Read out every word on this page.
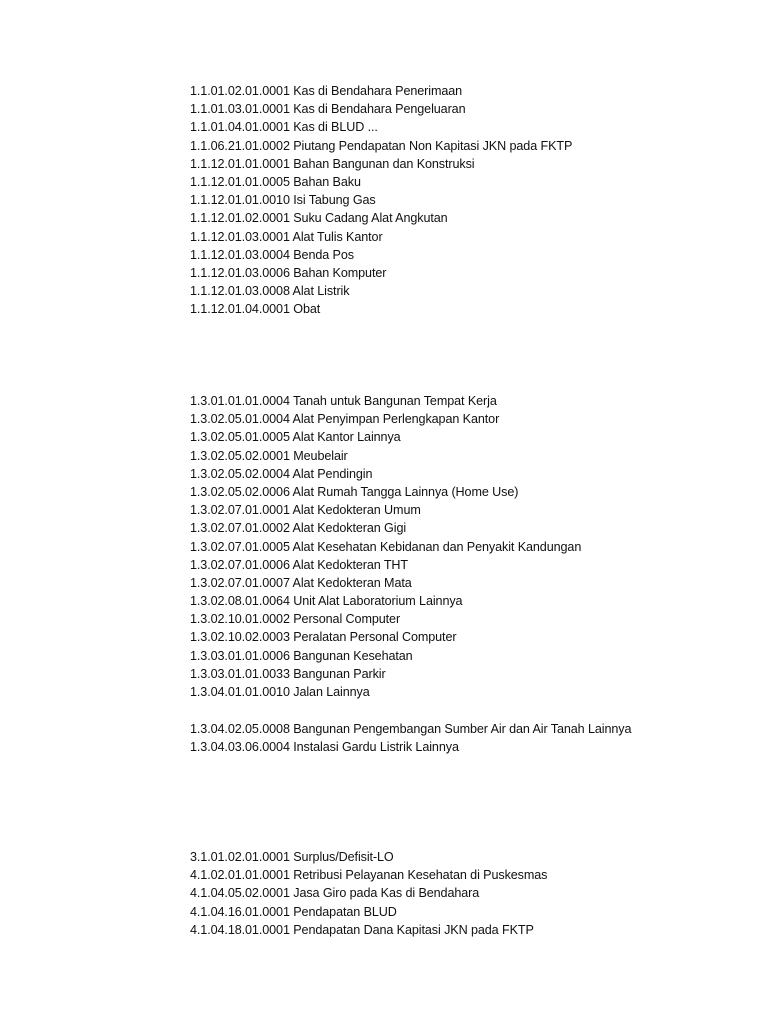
1.1.01.02.01.0001 Kas di Bendahara Penerimaan
1.1.01.03.01.0001 Kas di Bendahara Pengeluaran
1.1.01.04.01.0001 Kas di BLUD ...
1.1.06.21.01.0002 Piutang Pendapatan Non Kapitasi JKN pada FKTP
1.1.12.01.01.0001 Bahan Bangunan dan Konstruksi
1.1.12.01.01.0005 Bahan Baku
1.1.12.01.01.0010 Isi Tabung Gas
1.1.12.01.02.0001 Suku Cadang Alat Angkutan
1.1.12.01.03.0001 Alat Tulis Kantor
1.1.12.01.03.0004 Benda Pos
1.1.12.01.03.0006 Bahan Komputer
1.1.12.01.03.0008 Alat Listrik
1.1.12.01.04.0001 Obat
1.3.01.01.01.0004 Tanah untuk Bangunan Tempat Kerja
1.3.02.05.01.0004 Alat Penyimpan Perlengkapan Kantor
1.3.02.05.01.0005 Alat Kantor Lainnya
1.3.02.05.02.0001 Meubelair
1.3.02.05.02.0004 Alat Pendingin
1.3.02.05.02.0006 Alat Rumah Tangga Lainnya (Home Use)
1.3.02.07.01.0001 Alat Kedokteran Umum
1.3.02.07.01.0002 Alat Kedokteran Gigi
1.3.02.07.01.0005 Alat Kesehatan Kebidanan dan Penyakit Kandungan
1.3.02.07.01.0006 Alat Kedokteran THT
1.3.02.07.01.0007 Alat Kedokteran Mata
1.3.02.08.01.0064 Unit Alat Laboratorium Lainnya
1.3.02.10.01.0002 Personal Computer
1.3.02.10.02.0003 Peralatan Personal Computer
1.3.03.01.01.0006 Bangunan Kesehatan
1.3.03.01.01.0033 Bangunan Parkir
1.3.04.01.01.0010 Jalan Lainnya
1.3.04.02.05.0008 Bangunan Pengembangan Sumber Air dan Air Tanah Lainnya
1.3.04.03.06.0004 Instalasi Gardu Listrik Lainnya
3.1.01.02.01.0001 Surplus/Defisit-LO
4.1.02.01.01.0001 Retribusi Pelayanan Kesehatan di Puskesmas
4.1.04.05.02.0001 Jasa Giro pada Kas di Bendahara
4.1.04.16.01.0001 Pendapatan BLUD
4.1.04.18.01.0001 Pendapatan Dana Kapitasi JKN pada FKTP
